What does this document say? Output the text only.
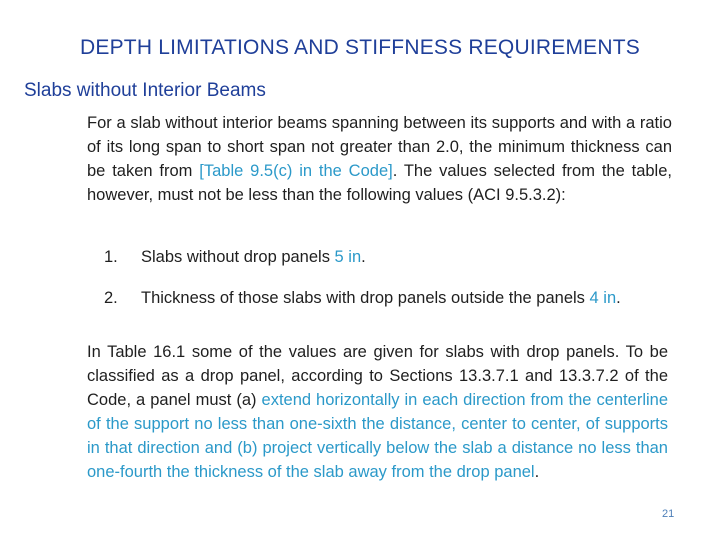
DEPTH LIMITATIONS AND STIFFNESS REQUIREMENTS
Slabs without Interior Beams
For a slab without interior beams spanning between its supports and with a ratio of its long span to short span not greater than 2.0, the minimum thickness can be taken from [Table 9.5(c) in the Code]. The values selected from the table, however, must not be less than the following values (ACI 9.5.3.2):
1. Slabs without drop panels 5 in.
2. Thickness of those slabs with drop panels outside the panels 4 in.
In Table 16.1 some of the values are given for slabs with drop panels. To be classified as a drop panel, according to Sections 13.3.7.1 and 13.3.7.2 of the Code, a panel must (a) extend horizontally in each direction from the centerline of the support no less than one-sixth the distance, center to center, of supports in that direction and (b) project vertically below the slab a distance no less than one-fourth the thickness of the slab away from the drop panel.
21
